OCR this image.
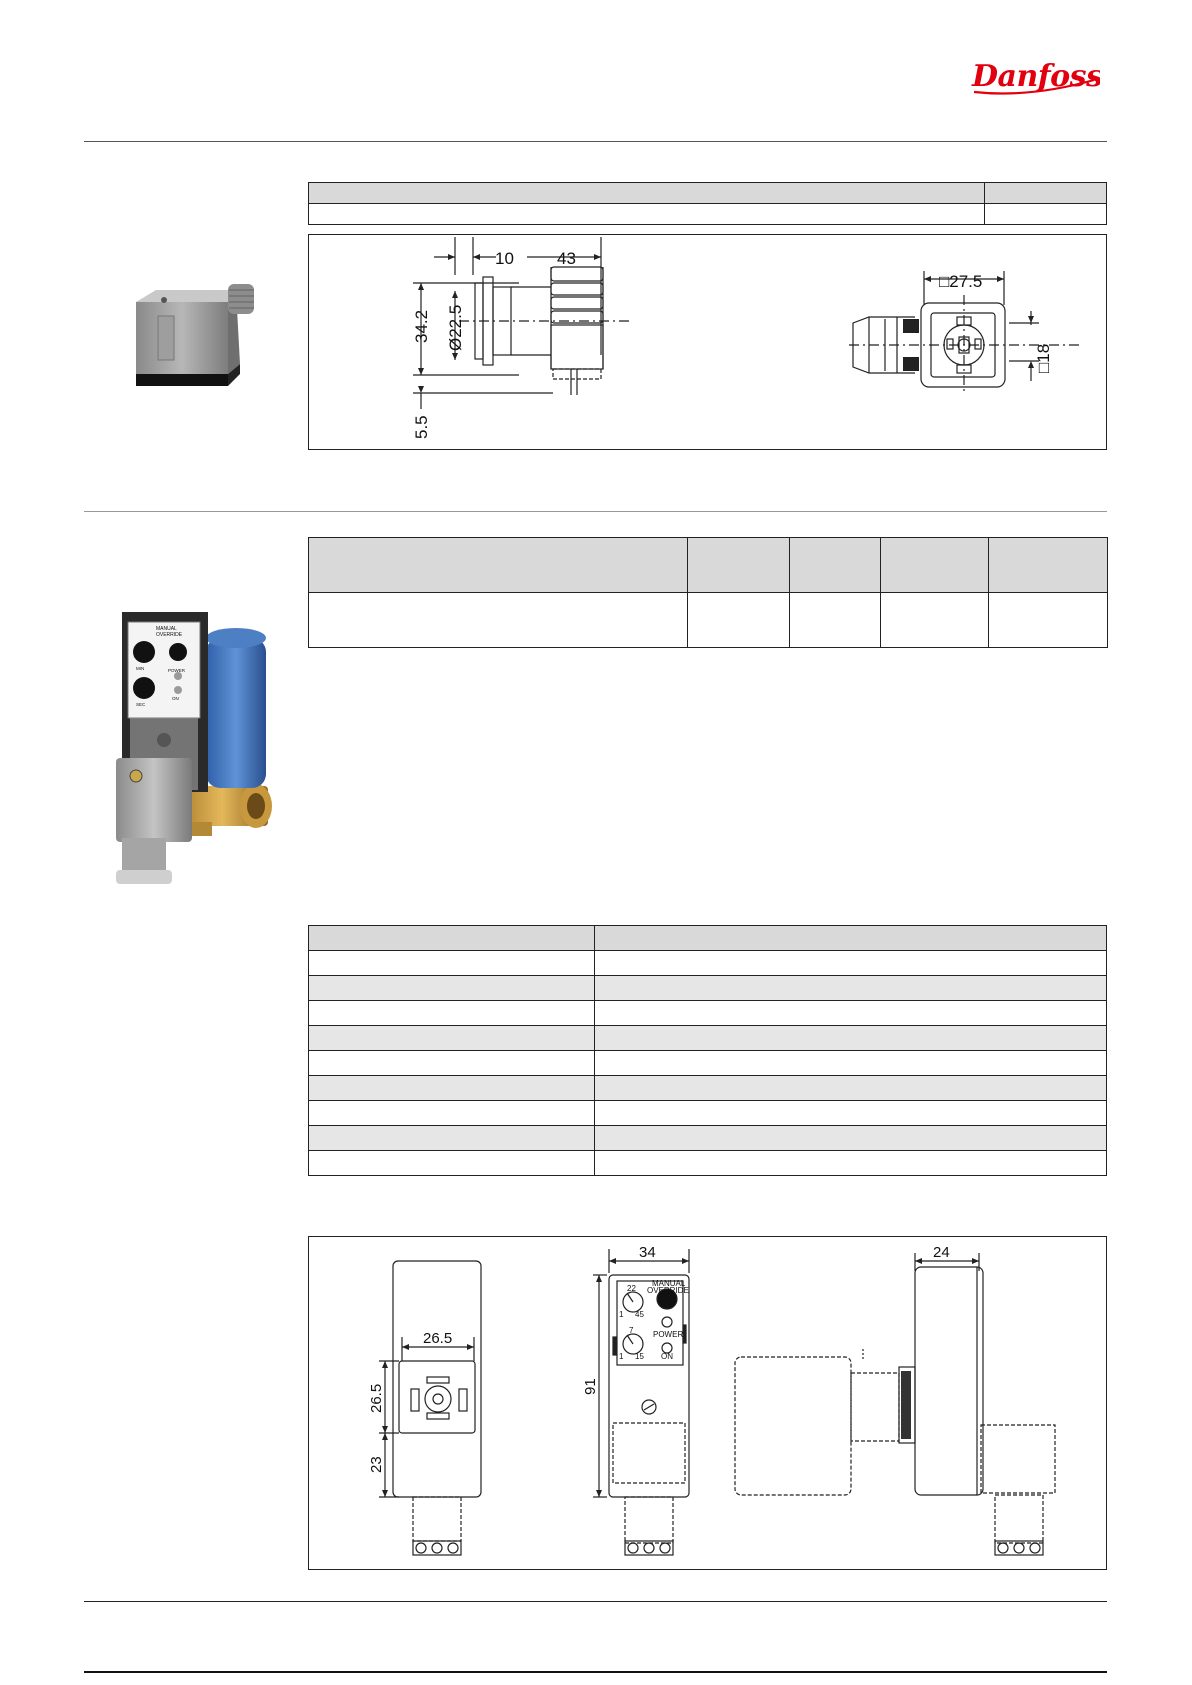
Danfoss

10	43
34.2 Ø22.5
5.5
□27.5
□18
MANUAL
OVERRIDE
POWER
ON
MIN
SEC

26.5
26.5
23
34
91
22
1 45
7
1 15
MANUAL
OVERRIDE
POWER
ON
24
